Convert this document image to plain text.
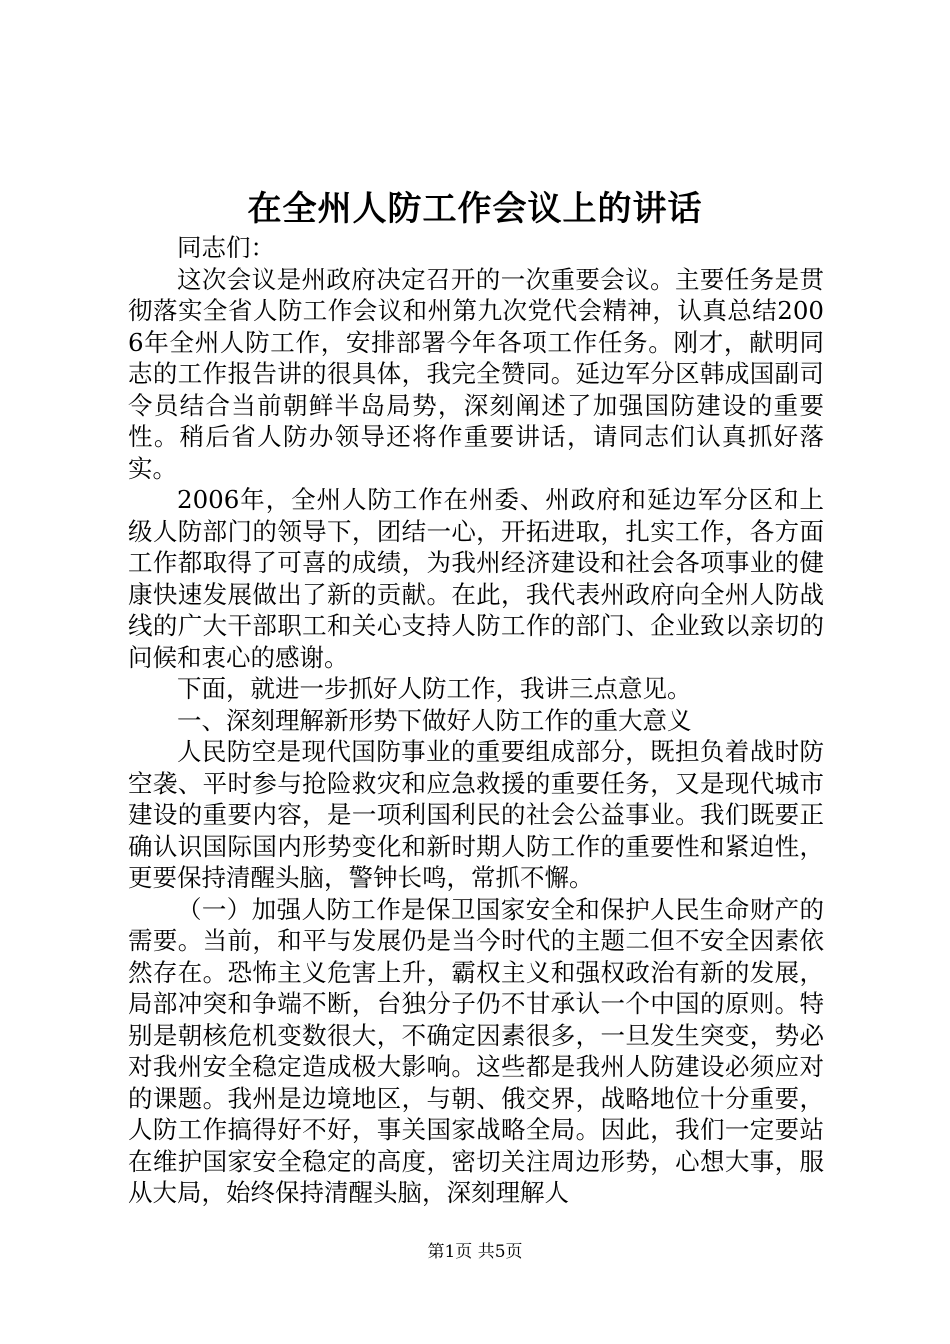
在全州人防工作会议上的讲话

同志们：

这次会议是州政府决定召开的一次重要会议。主要任务是贯彻落实全省人防工作会议和州第九次党代会精神，认真总结2006年全州人防工作，安排部署今年各项工作任务。刚才，献明同志的工作报告讲的很具体，我完全赞同。延边军分区韩成国副司令员结合当前朝鲜半岛局势，深刻阐述了加强国防建设的重要性。稍后省人防办领导还将作重要讲话，请同志们认真抓好落实。

2006年，全州人防工作在州委、州政府和延边军分区和上级人防部门的领导下，团结一心，开拓进取，扎实工作，各方面工作都取得了可喜的成绩，为我州经济建设和社会各项事业的健康快速发展做出了新的贡献。在此，我代表州政府向全州人防战线的广大干部职工和关心支持人防工作的部门、企业致以亲切的问候和衷心的感谢。

下面，就进一步抓好人防工作，我讲三点意见。

一、深刻理解新形势下做好人防工作的重大意义

人民防空是现代国防事业的重要组成部分，既担负着战时防空袭、平时参与抢险救灾和应急救援的重要任务，又是现代城市建设的重要内容，是一项利国利民的社会公益事业。我们既要正确认识国际国内形势变化和新时期人防工作的重要性和紧迫性，更要保持清醒头脑，警钟长鸣，常抓不懈。

（一）加强人防工作是保卫国家安全和保护人民生命财产的需要。当前，和平与发展仍是当今时代的主题二但不安全因素依然存在。恐怖主义危害上升，霸权主义和强权政治有新的发展，局部冲突和争端不断，台独分子仍不甘承认一个中国的原则。特别是朝核危机变数很大，不确定因素很多，一旦发生突变，势必对我州安全稳定造成极大影响。这些都是我州人防建设必须应对的课题。我州是边境地区，与朝、俄交界，战略地位十分重要，人防工作搞得好不好，事关国家战略全局。因此，我们一定要站在维护国家安全稳定的高度，密切关注周边形势，心想大事，服从大局，始终保持清醒头脑，深刻理解人

第1页 共5页
